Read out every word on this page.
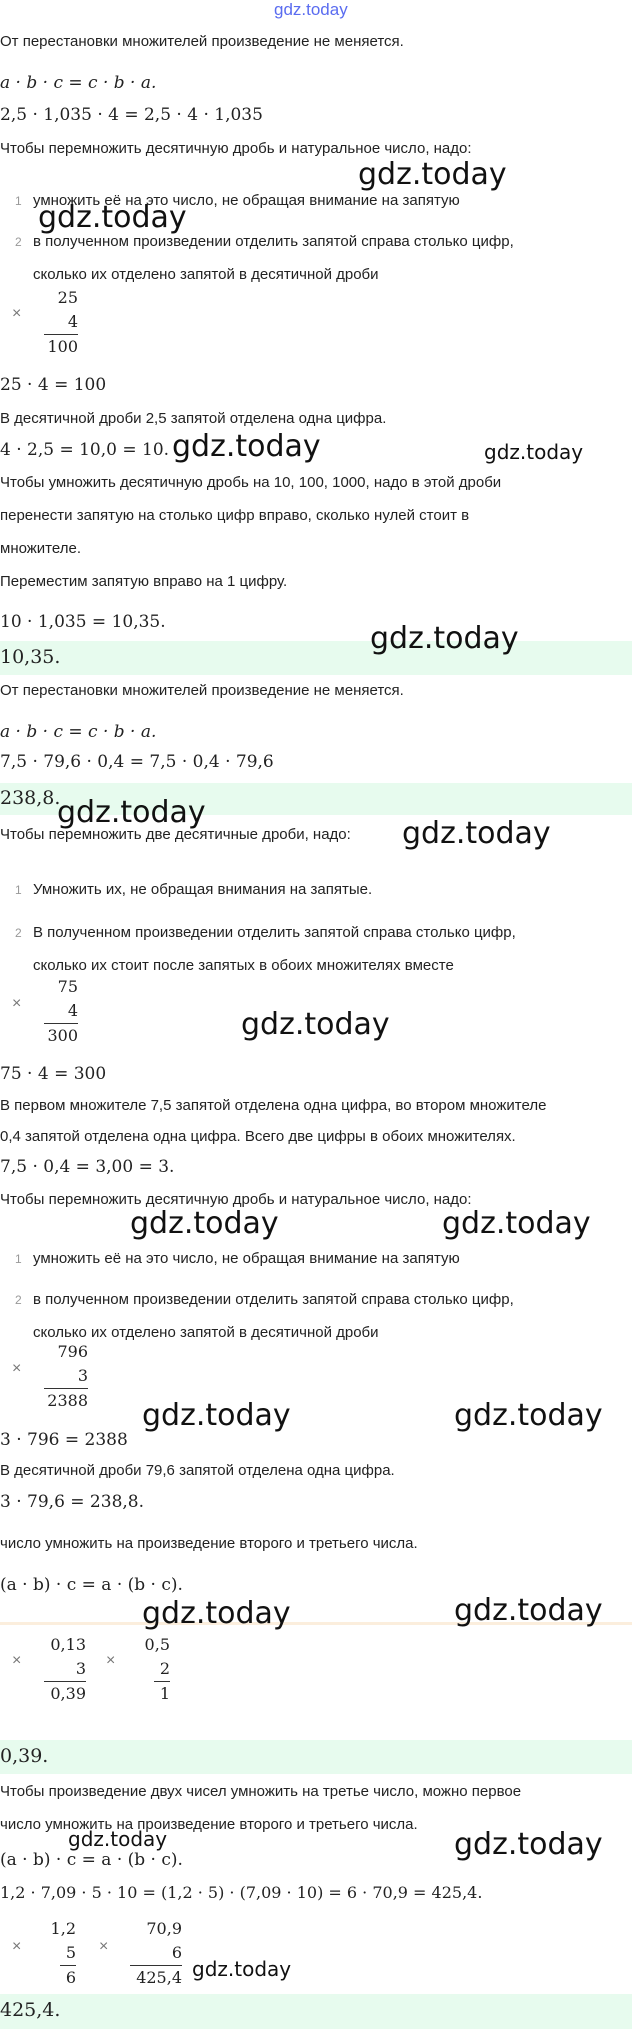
gdz.today
От перестановки множителей произведение не меняется.
a · b · c = c · b · a.
2,5 · 1,035 · 4 = 2,5 · 4 · 1,035
Чтобы перемножить десятичную дробь и натуральное число, надо:
1 умножить её на это число, не обращая внимание на запятую
2 в полученном произведении отделить запятой справа столько цифр,
сколько их отделено запятой в десятичной дроби
×
25
4
100
25 · 4 = 100
В десятичной дроби 2,5 запятой отделена одна цифра.
4 · 2,5 = 10,0 = 10.
Чтобы умножить десятичную дробь на 10, 100, 1000, надо в этой дроби
перенести запятую на столько цифр вправо, сколько нулей стоит в
множителе.
Переместим запятую вправо на 1 цифру.
10 · 1,035 = 10,35.
10,35.
От перестановки множителей произведение не меняется.
a · b · c = c · b · a.
7,5 · 79,6 · 0,4 = 7,5 · 0,4 · 79,6
238,8.
Чтобы перемножить две десятичные дроби, надо:
1 Умножить их, не обращая внимания на запятые.
2 В полученном произведении отделить запятой справа столько цифр,
сколько их стоит после запятых в обоих множителях вместе
×
75
4
300
75 · 4 = 300
В первом множителе 7,5 запятой отделена одна цифра, во втором множителе
0,4 запятой отделена одна цифра. Всего две цифры в обоих множителях.
7,5 · 0,4 = 3,00 = 3.
Чтобы перемножить десятичную дробь и натуральное число, надо:
1 умножить её на это число, не обращая внимание на запятую
2 в полученном произведении отделить запятой справа столько цифр,
сколько их отделено запятой в десятичной дроби
×
796
3
2388
3 · 796 = 2388
В десятичной дроби 79,6 запятой отделена одна цифра.
3 · 79,6 = 238,8.
число умножить на произведение второго и третьего числа.
(a · b) · c = a · (b · c).
×
0,13
3
0,39
×
0,5
2
1
0,39.
Чтобы произведение двух чисел умножить на третье число, можно первое
число умножить на произведение второго и третьего числа.
(a · b) · c = a · (b · c).
1,2 · 7,09 · 5 · 10 = (1,2 · 5) · (7,09 · 10) = 6 · 70,9 = 425,4.
×
1,2
5
6
×
70,9
6
425,4
425,4.
gdz.today
gdz.today
gdz.today	gdz.today
gdz.today
gdz.today
gdz.today
gdz.today
gdz.today	gdz.today
gdz.today	gdz.today
gdz.today	gdz.today
gdz.today	gdz.today
gdz.today
